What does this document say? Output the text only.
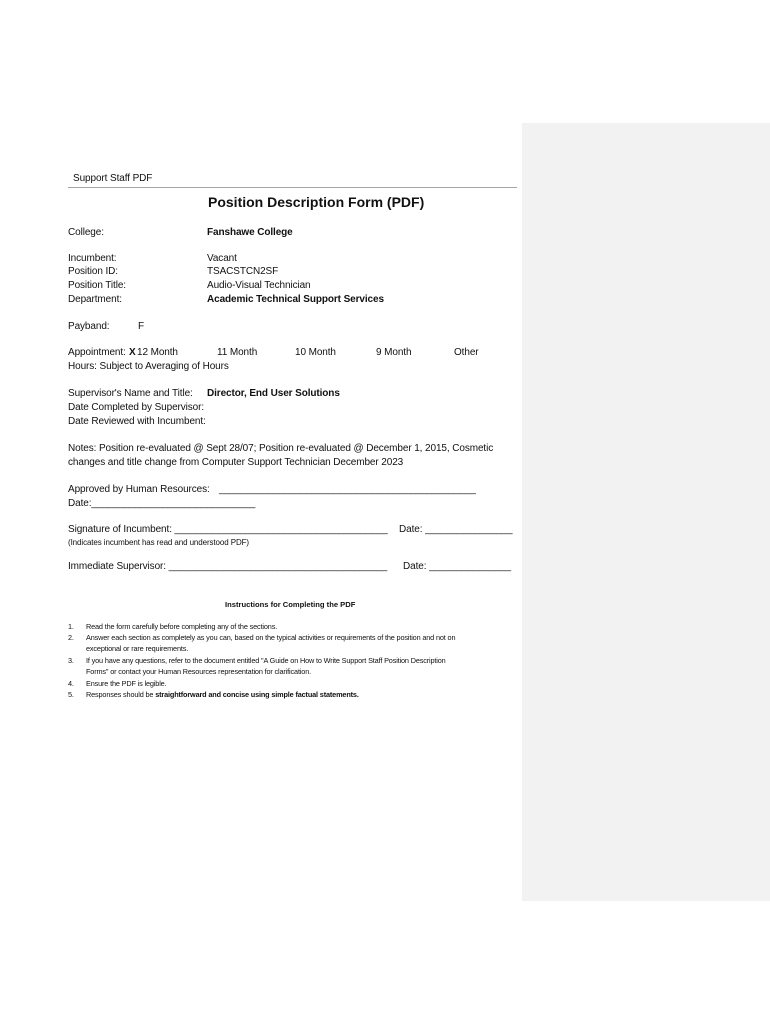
Support Staff PDF
Position Description Form (PDF)
College:	Fanshawe College
Incumbent:	Vacant
Position ID:	TSACSTCN2SF
Position Title:	Audio-Visual Technician
Department:	Academic Technical Support Services
Payband:	F
Appointment: X 12 Month	11 Month	10 Month	9 Month	Other
Hours: Subject to Averaging of Hours
Supervisor's Name and Title: Director, End User Solutions
Date Completed by Supervisor:
Date Reviewed with Incumbent:
Notes: Position re-evaluated @ Sept 28/07; Position re-evaluated @ December 1, 2015, Cosmetic
changes and title change from Computer Support Technician December 2023
Approved by Human Resources: _______________________________________________
Date:______________________________
Signature of Incumbent: _______________________________________ Date: ________________
(Indicates incumbent has read and understood PDF)
Immediate Supervisor: ________________________________________ Date: _______________
Instructions for Completing the PDF
1. Read the form carefully before completing any of the sections.
2. Answer each section as completely as you can, based on the typical activities or requirements of the position and not on
exceptional or rare requirements.
3. If you have any questions, refer to the document entitled "A Guide on How to Write Support Staff Position Description
Forms" or contact your Human Resources representation for clarification.
4. Ensure the PDF is legible.
5. Responses should be straightforward and concise using simple factual statements.
